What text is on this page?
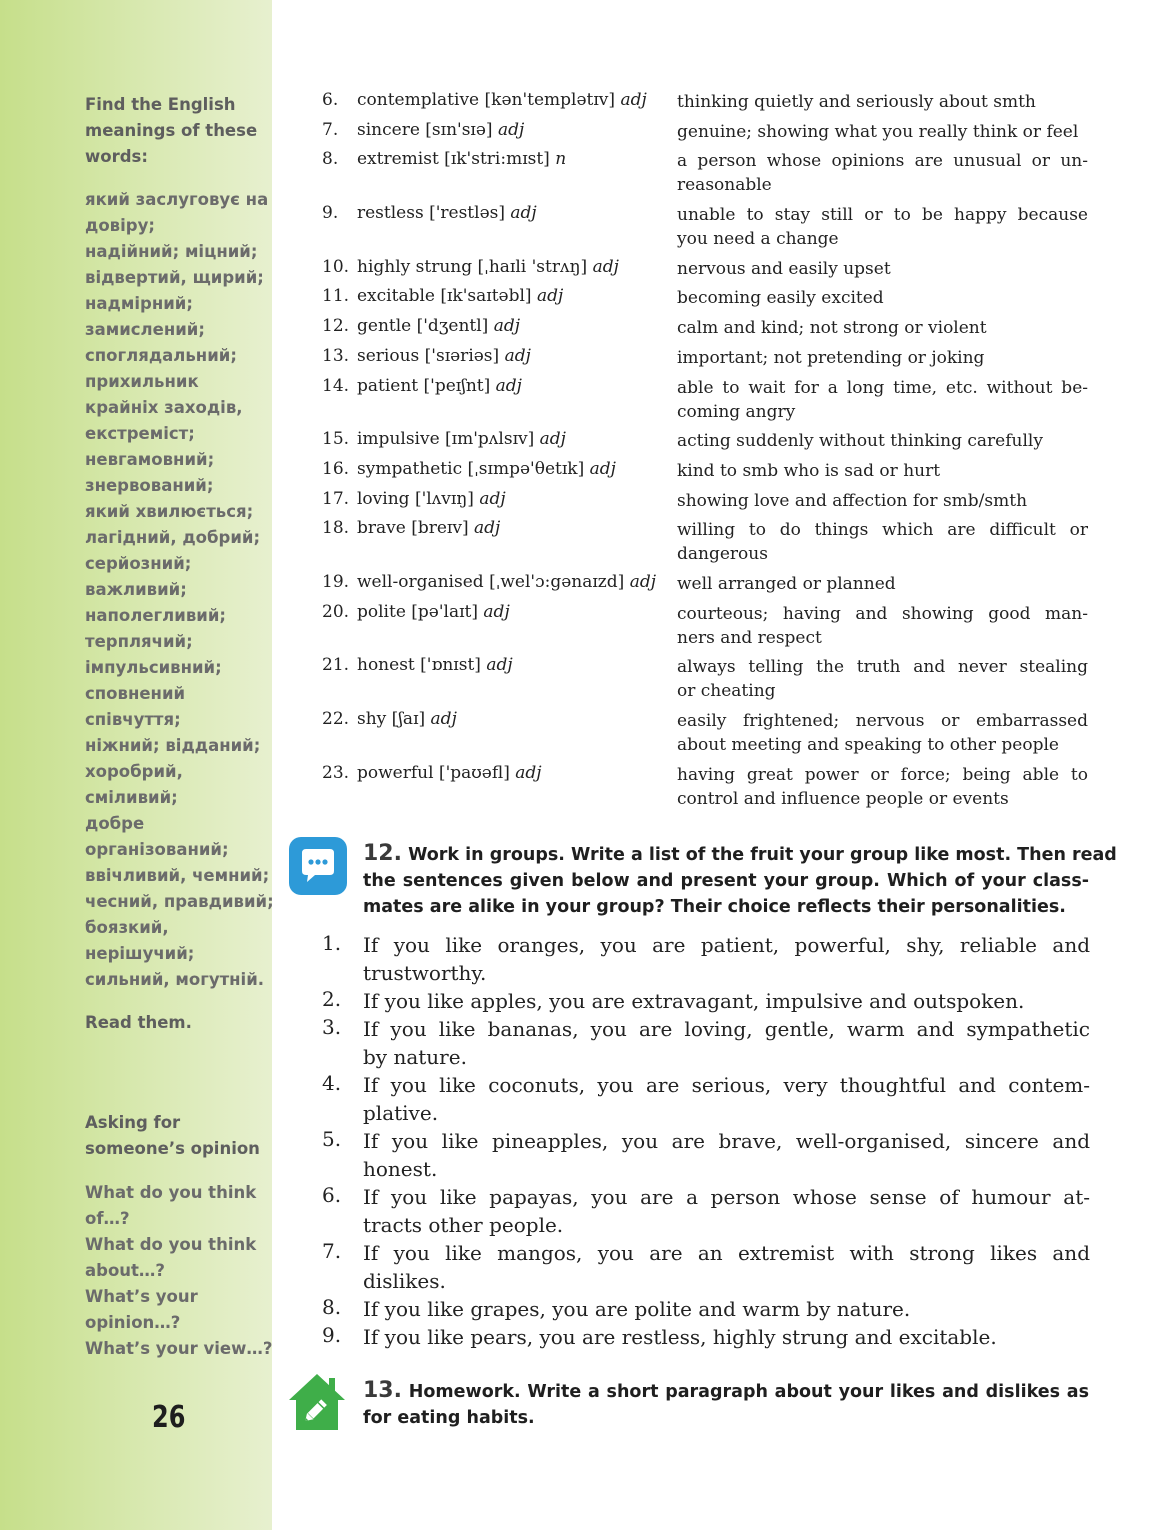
Find the English
meanings of these
words:
який заслуговує на
довіру;
надійний; міцний;
відвертий, щирий;
надмірний;
замислений;
споглядальний;
прихильник
крайніх заходів,
екстреміст;
невгамовний;
знервований;
який хвилюється;
лагідний, добрий;
серйозний;
важливий;
наполегливий;
терплячий;
імпульсивний;
сповнений
співчуття;
ніжний; відданий;
хоробрий,
сміливий;
добре
організований;
ввічливий, чемний;
чесний, правдивий;
боязкий,
нерішучий;
сильний, могутній.
Read them.
Asking for
someone’s opinion
What do you think
of…?
What do you think
about…?
What’s your
opinion…?
What’s your view…?
26
6.	contemplative [kən'templətɪv] adj thinking quietly and seriously about smth
7.	sincere [sɪn'sɪə] adj	genuine; showing what you really think or feel
8.	extremist [ɪk'stri:mɪst] n	a person whose opinions are unusual or un-
reasonable
9.	restless ['restləs] adj	unable to stay still or to be happy because
you need a change
10. highly strung [ˌhaɪli 'strʌŋ] adj	nervous and easily upset
11. excitable [ɪk'saɪtəbl] adj	becoming easily excited
12. gentle ['dʒentl] adj	calm and kind; not strong or violent
13. serious ['sɪəriəs] adj	important; not pretending or joking
14. patient ['peɪʃnt] adj	able to wait for a long time, etc. without be-
coming angry
15. impulsive [ɪm'pʌlsɪv] adj	acting suddenly without thinking carefully
16. sympathetic [ˌsɪmpə'θetɪk] adj	kind to smb who is sad or hurt
17. loving ['lʌvɪŋ] adj	showing love and affection for smb/smth
18. brave [breɪv] adj	willing to do things which are difficult or
dangerous
19. well-organised [ˌwel'ɔ:gənaɪzd] adj well arranged or planned
20. polite [pə'laɪt] adj	courteous; having and showing good man-
ners and respect
21. honest ['ɒnɪst] adj	always telling the truth and never stealing
or cheating
22. shy [ʃaɪ] adj	easily frightened; nervous or embarrassed
about meeting and speaking to other people
23. powerful ['paʊəfl] adj	having great power or force; being able to
control and influence people or events
12. Work in groups. Write a list of the fruit your group like most. Then read
the sentences given below and present your group. Which of your class-
mates are alike in your group? Their choice reflects their personalities.
1. If you like oranges, you are patient, powerful, shy, reliable and
trustworthy.
2. If you like apples, you are extravagant, impulsive and outspoken.
3. If you like bananas, you are loving, gentle, warm and sympathetic
by nature.
4. If you like coconuts, you are serious, very thoughtful and contem-
plative.
5. If you like pineapples, you are brave, well-organised, sincere and
honest.
6. If you like papayas, you are a person whose sense of humour at-
tracts other people.
7. If you like mangos, you are an extremist with strong likes and
dislikes.
8. If you like grapes, you are polite and warm by nature.
9. If you like pears, you are restless, highly strung and excitable.
13. Homework. Write a short paragraph about your likes and dislikes as
for eating habits.
